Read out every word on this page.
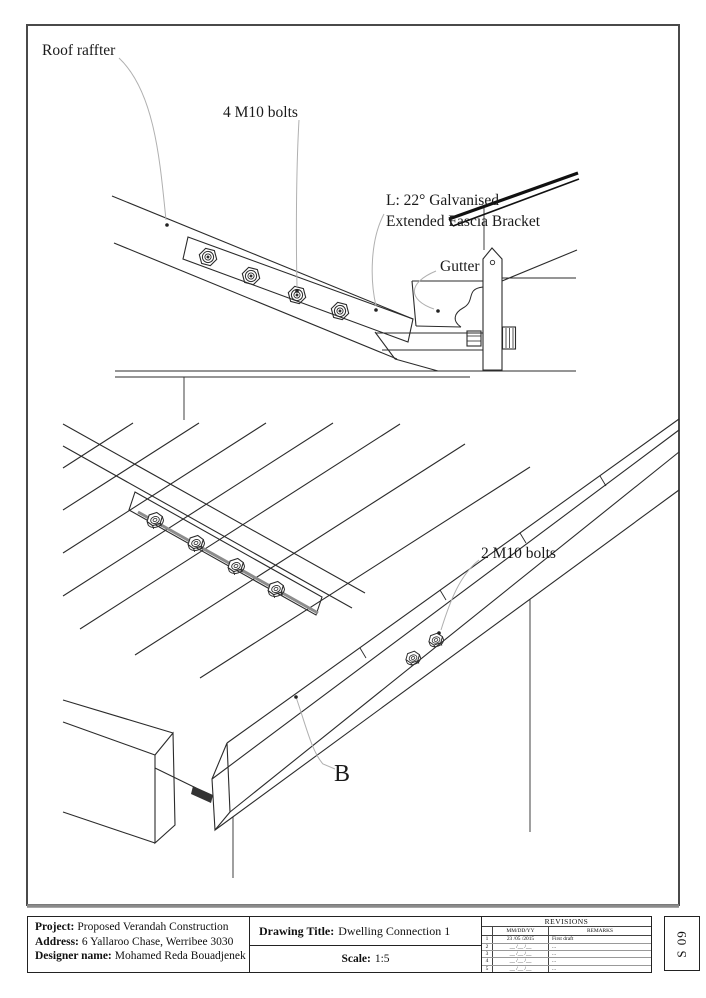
Roof raffter
4 M10 bolts
L: 22° Galvanised
Extended Fascia Bracket
Gutter
2 M10 bolts
B
Project: Proposed Verandah Construction
Address: 6 Yallaroo Chase, Werribee 3030
Designer name: Mohamed Reda Bouadjenek
Drawing Title: Dwelling Connection 1
Scale: 1:5
REVISIONS
MM/DD/YY	REMARKS
1	23 /05 /2015	First draft
2	__ /__ /__	...
3	__ /__ /__	...
4	__ /__ /__	...
5	__ /__ /__	...
S 09
